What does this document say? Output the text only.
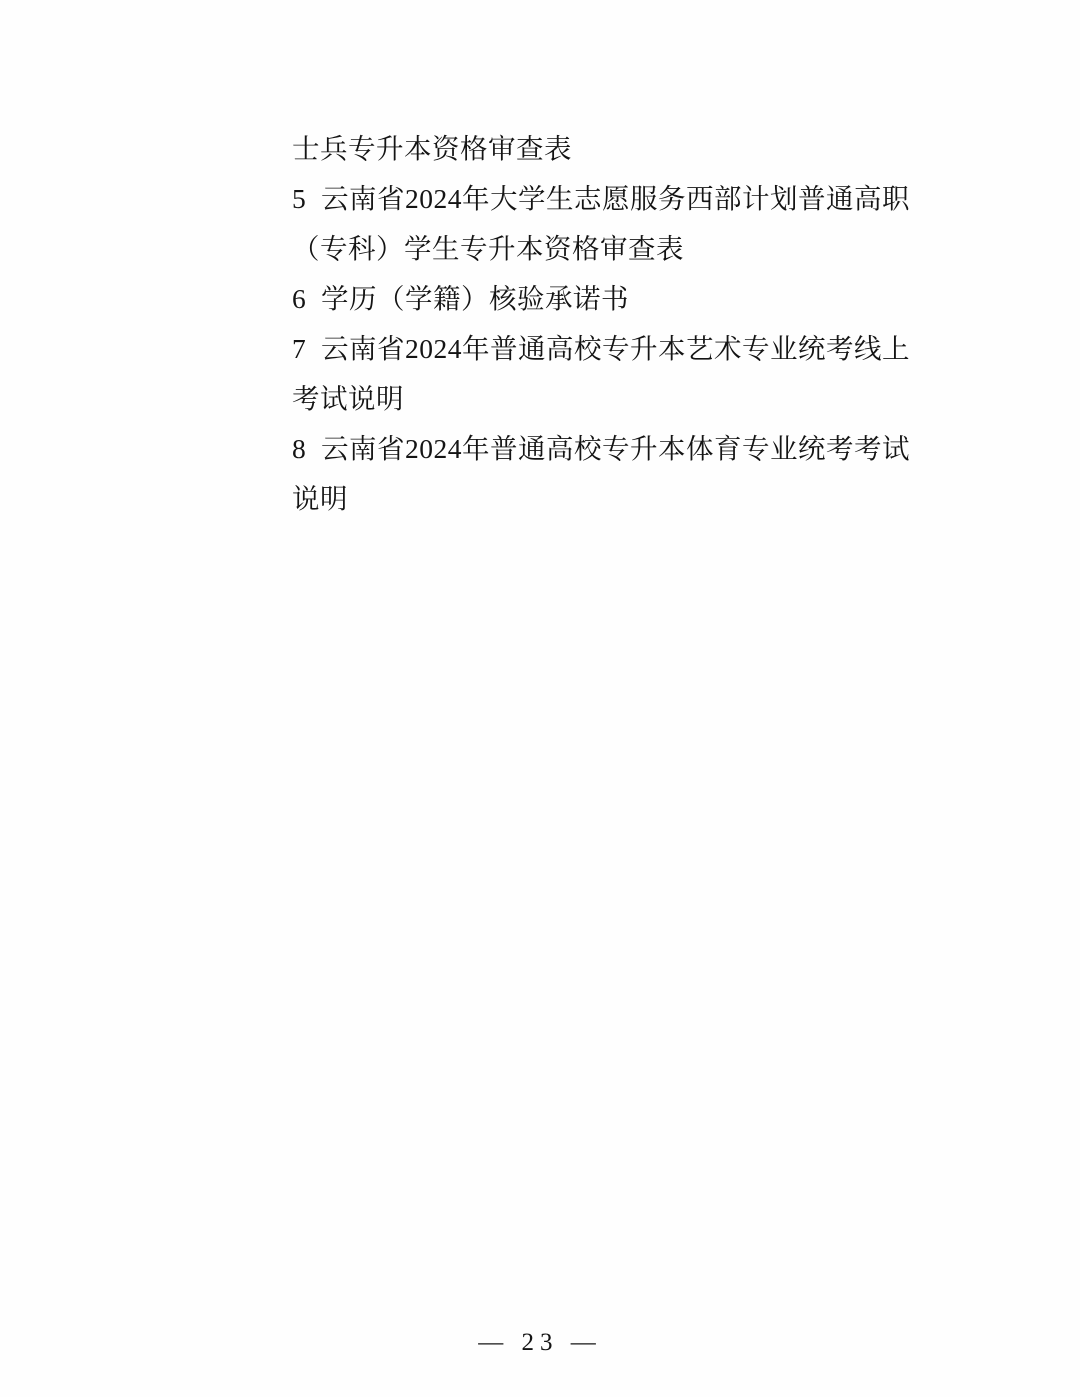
士兵专升本资格审查表
5  云南省2024年大学生志愿服务西部计划普通高职
（专科）学生专升本资格审查表
6  学历（学籍）核验承诺书
7  云南省2024年普通高校专升本艺术专业统考线上
考试说明
8  云南省2024年普通高校专升本体育专业统考考试
说明
— 23 —
